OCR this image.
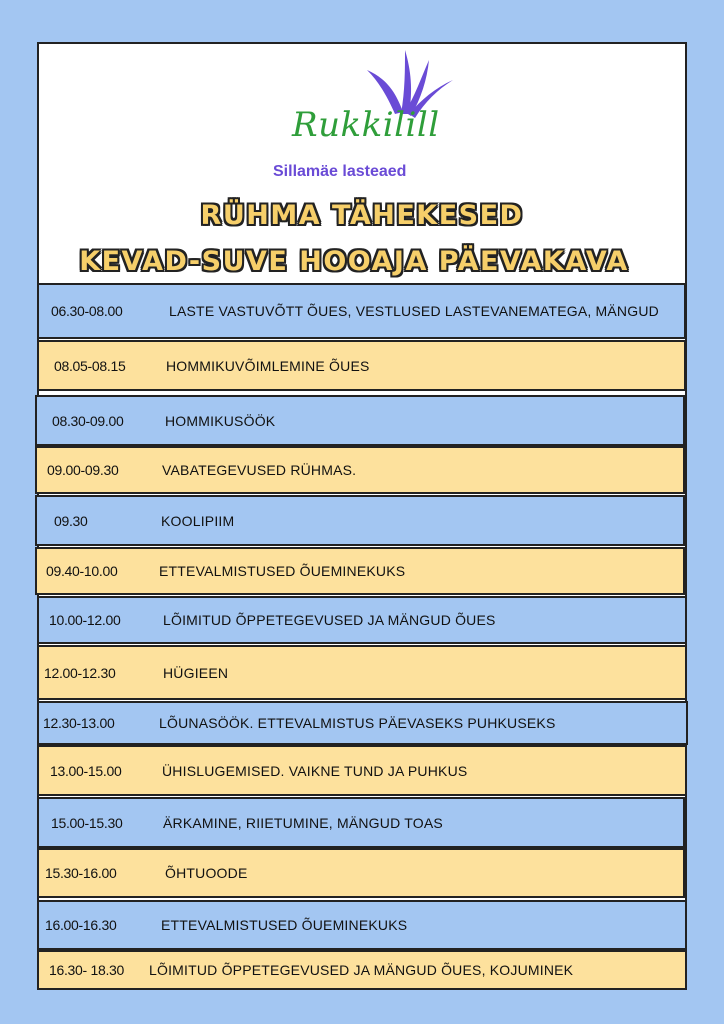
Rukkilill
Sillamäe lasteaed
RÜHMA TÄHEKESED
KEVAD-SUVE HOOAJA PÄEVAKAVA
06.30-08.00	LASTE VASTUVÕTT ÕUES, VESTLUSED LASTEVANEMATEGA, MÄNGUD
08.05-08.15	HOMMIKUVÕIMLEMINE ÕUES
08.30-09.00	HOMMIKUSÖÖK
09.00-09.30	VABATEGEVUSED RÜHMAS.
09.30	KOOLIPIIM
09.40-10.00	ETTEVALMISTUSED ÕUEMINEKUKS
10.00-12.00	LÕIMITUD ÕPPETEGEVUSED JA MÄNGUD ÕUES
12.00-12.30	HÜGIEEN
12.30-13.00	LÕUNASÖÖK. ETTEVALMISTUS PÄEVASEKS PUHKUSEKS
13.00-15.00	ÜHISLUGEMISED. VAIKNE TUND JA PUHKUS
15.00-15.30	ÄRKAMINE, RIIETUMINE, MÄNGUD TOAS
15.30-16.00	ÕHTUOODE
16.00-16.30	ETTEVALMISTUSED ÕUEMINEKUKS
16.30- 18.30 LÕIMITUD ÕPPETEGEVUSED JA MÄNGUD ÕUES, KOJUMINEK
